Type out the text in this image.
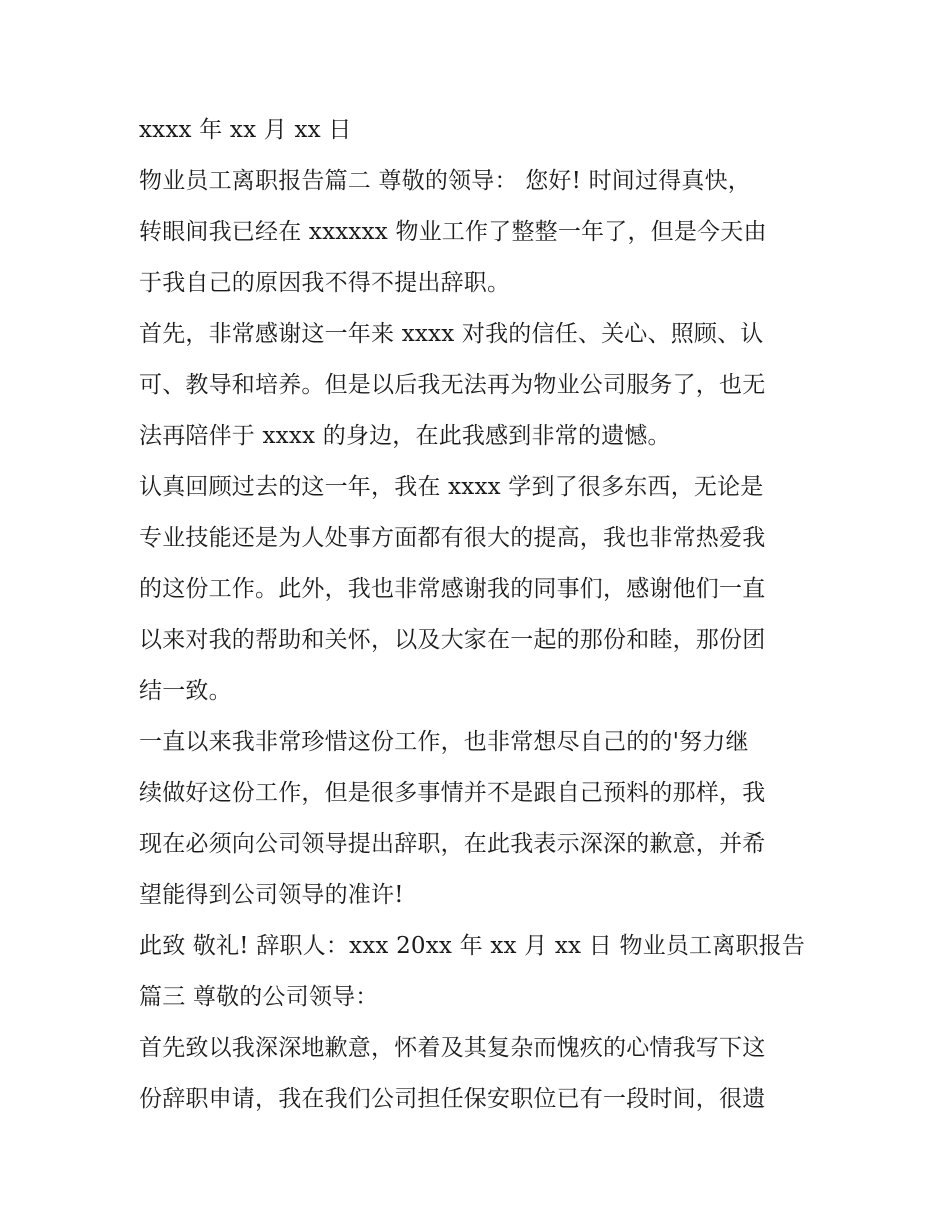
xxxx 年 xx 月 xx 日

物业员工离职报告篇二 尊敬的领导： 您好! 时间过得真快，

转眼间我已经在 xxxxxx 物业工作了整整一年了，但是今天由

于我自己的原因我不得不提出辞职。

首先，非常感谢这一年来 xxxx 对我的信任、关心、照顾、认

可、教导和培养。但是以后我无法再为物业公司服务了，也无

法再陪伴于 xxxx 的身边，在此我感到非常的遗憾。

认真回顾过去的这一年，我在 xxxx 学到了很多东西，无论是

专业技能还是为人处事方面都有很大的提高，我也非常热爱我

的这份工作。此外，我也非常感谢我的同事们，感谢他们一直

以来对我的帮助和关怀，以及大家在一起的那份和睦，那份团

结一致。

一直以来我非常珍惜这份工作，也非常想尽自己的的'努力继

续做好这份工作，但是很多事情并不是跟自己预料的那样，我

现在必须向公司领导提出辞职，在此我表示深深的歉意，并希

望能得到公司领导的准许!

此致 敬礼! 辞职人：xxx 20xx 年 xx 月 xx 日 物业员工离职报告

篇三 尊敬的公司领导：

首先致以我深深地歉意，怀着及其复杂而愧疚的心情我写下这

份辞职申请，我在我们公司担任保安职位已有一段时间，很遗
